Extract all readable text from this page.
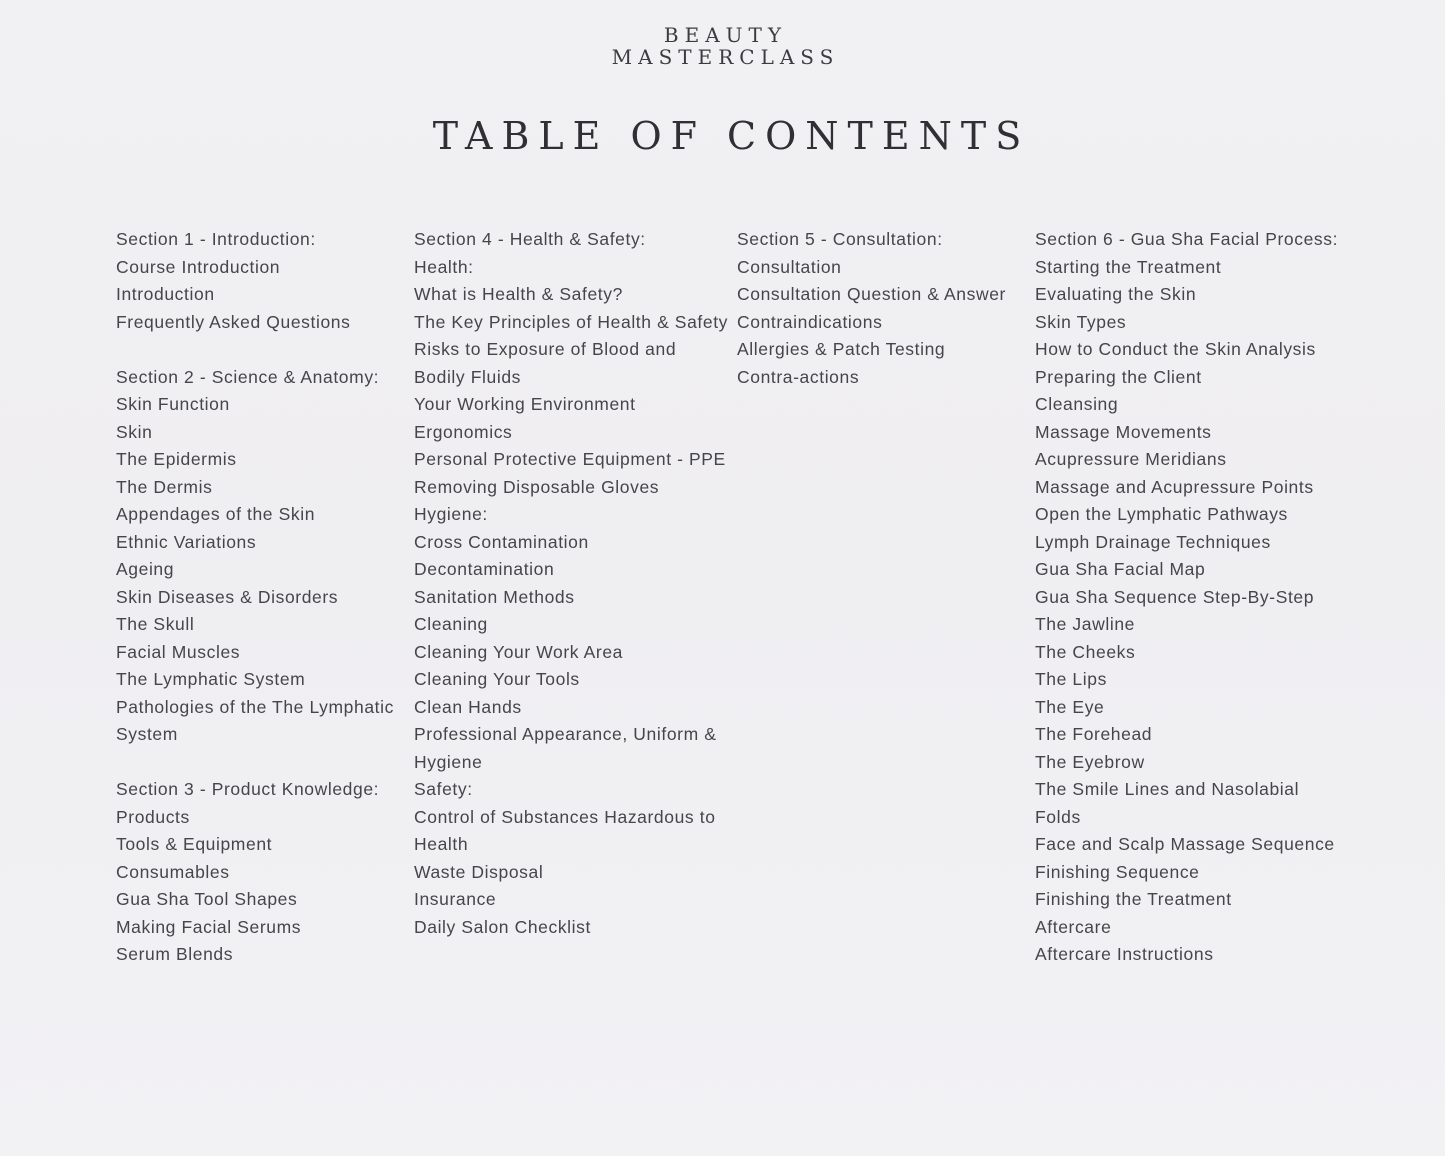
BEAUTY
MASTERCLASS
TABLE OF CONTENTS
Section 1 - Introduction:
Course Introduction
Introduction
Frequently Asked Questions
Section 2 - Science & Anatomy:
Skin Function
Skin
The Epidermis
The Dermis
Appendages of the Skin
Ethnic Variations
Ageing
Skin Diseases & Disorders
The Skull
Facial Muscles
The Lymphatic System
Pathologies of the The Lymphatic
System
Section 3 - Product Knowledge:
Products
Tools & Equipment
Consumables
Gua Sha Tool Shapes
Making Facial Serums
Serum Blends
Section 4 - Health & Safety:
Health:
What is Health & Safety?
The Key Principles of Health & Safety
Risks to Exposure of Blood and
Bodily Fluids
Your Working Environment
Ergonomics
Personal Protective Equipment - PPE
Removing Disposable Gloves
Hygiene:
Cross Contamination
Decontamination
Sanitation Methods
Cleaning
Cleaning Your Work Area
Cleaning Your Tools
Clean Hands
Professional Appearance, Uniform &
Hygiene
Safety:
Control of Substances Hazardous to
Health
Waste Disposal
Insurance
Daily Salon Checklist
Section 5 - Consultation:
Consultation
Consultation Question & Answer
Contraindications
Allergies & Patch Testing
Contra-actions
Section 6 - Gua Sha Facial Process:
Starting the Treatment
Evaluating the Skin
Skin Types
How to Conduct the Skin Analysis
Preparing the Client
Cleansing
Massage Movements
Acupressure Meridians
Massage and Acupressure Points
Open the Lymphatic Pathways
Lymph Drainage Techniques
Gua Sha Facial Map
Gua Sha Sequence Step-By-Step
The Jawline
The Cheeks
The Lips
The Eye
The Forehead
The Eyebrow
The Smile Lines and Nasolabial
Folds
Face and Scalp Massage Sequence
Finishing Sequence
Finishing the Treatment
Aftercare
Aftercare Instructions
